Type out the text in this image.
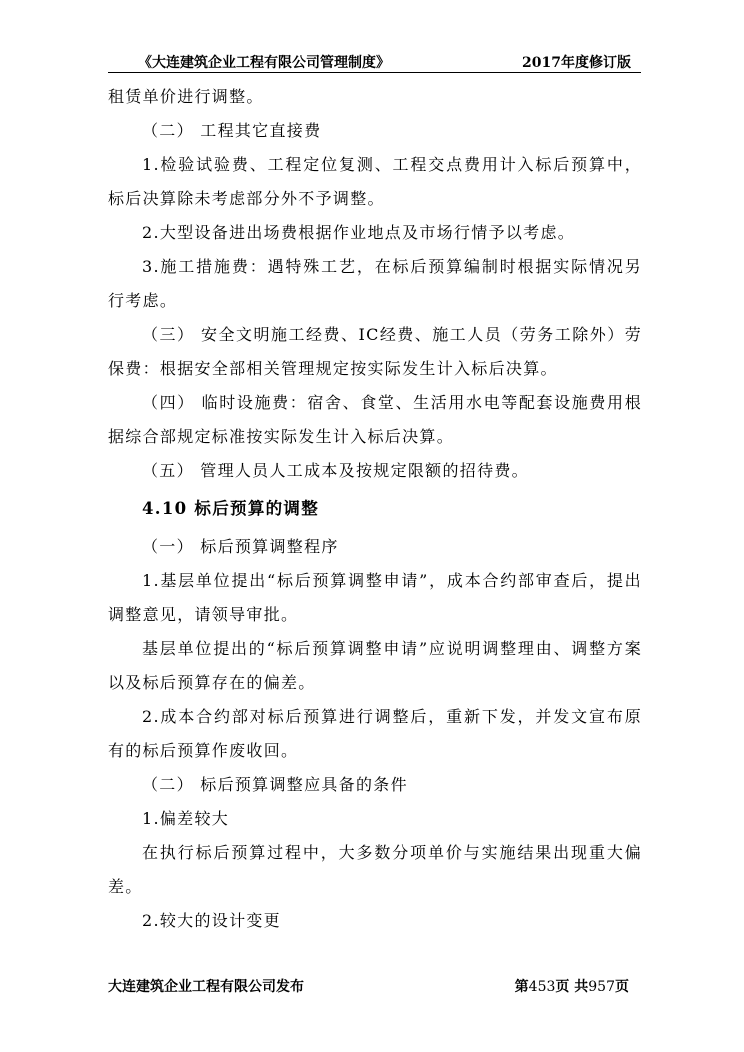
《大连建筑企业工程有限公司管理制度》	2017年度修订版

租赁单价进行调整。

（二） 工程其它直接费

1.检验试验费、工程定位复测、工程交点费用计入标后预算中，标后决算除未考虑部分外不予调整。

2.大型设备进出场费根据作业地点及市场行情予以考虑。

3.施工措施费：遇特殊工艺，在标后预算编制时根据实际情况另行考虑。

（三） 安全文明施工经费、IC经费、施工人员（劳务工除外）劳保费：根据安全部相关管理规定按实际发生计入标后决算。

（四） 临时设施费：宿舍、食堂、生活用水电等配套设施费用根据综合部规定标准按实际发生计入标后决算。

（五） 管理人员人工成本及按规定限额的招待费。

4.10 标后预算的调整

（一） 标后预算调整程序

1.基层单位提出“标后预算调整申请”，成本合约部审查后，提出调整意见，请领导审批。

基层单位提出的“标后预算调整申请”应说明调整理由、调整方案以及标后预算存在的偏差。

2.成本合约部对标后预算进行调整后，重新下发，并发文宣布原有的标后预算作废收回。

（二） 标后预算调整应具备的条件

1.偏差较大

在执行标后预算过程中，大多数分项单价与实施结果出现重大偏差。

2.较大的设计变更

大连建筑企业工程有限公司发布	第453页 共957页
